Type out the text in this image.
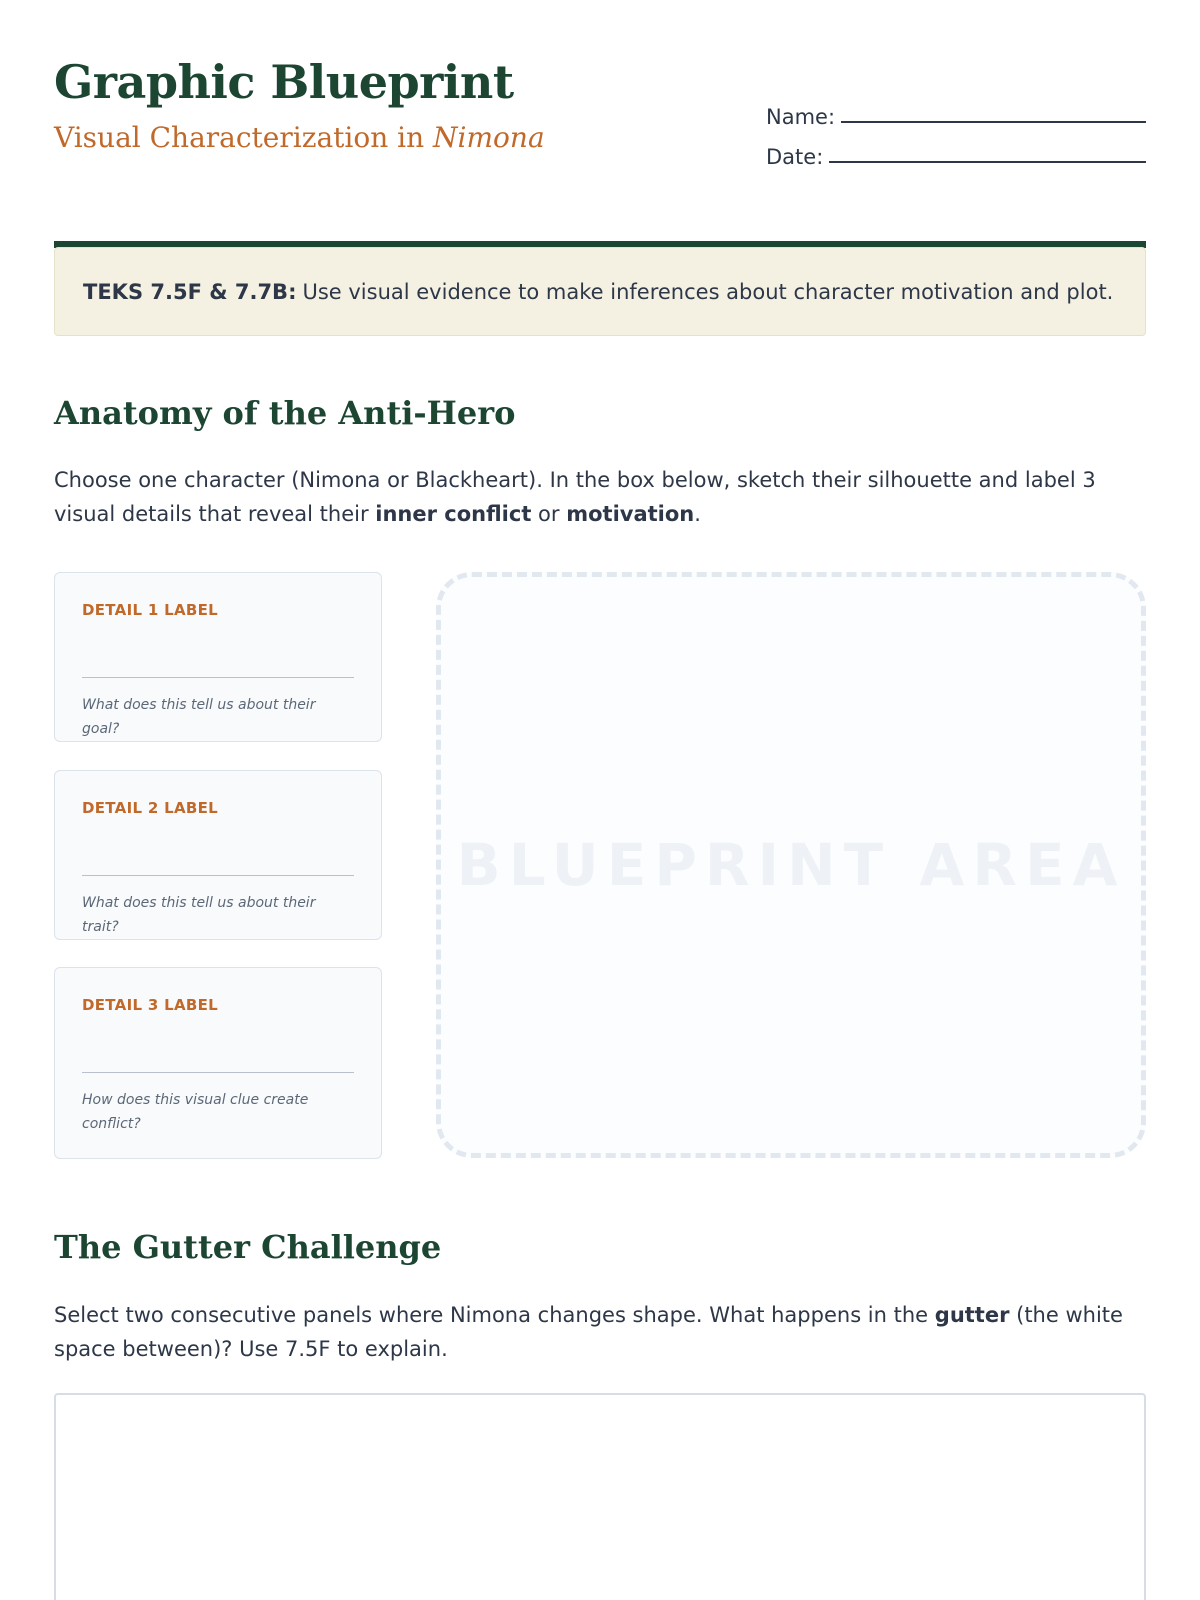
Graphic Blueprint
Visual Characterization in Nimona
Name:
Date:
TEKS 7.5F & 7.7B: Use visual evidence to make inferences about character motivation and plot.
Anatomy of the Anti-Hero
Choose one character (Nimona or Blackheart). In the box below, sketch their silhouette and label 3 visual details that reveal their inner conflict or motivation.
DETAIL 1 LABEL
What does this tell us about their goal?
DETAIL 2 LABEL
What does this tell us about their trait?
DETAIL 3 LABEL
How does this visual clue create conflict?
BLUEPRINT AREA
The Gutter Challenge
Select two consecutive panels where Nimona changes shape. What happens in the gutter (the white space between)? Use 7.5F to explain.
